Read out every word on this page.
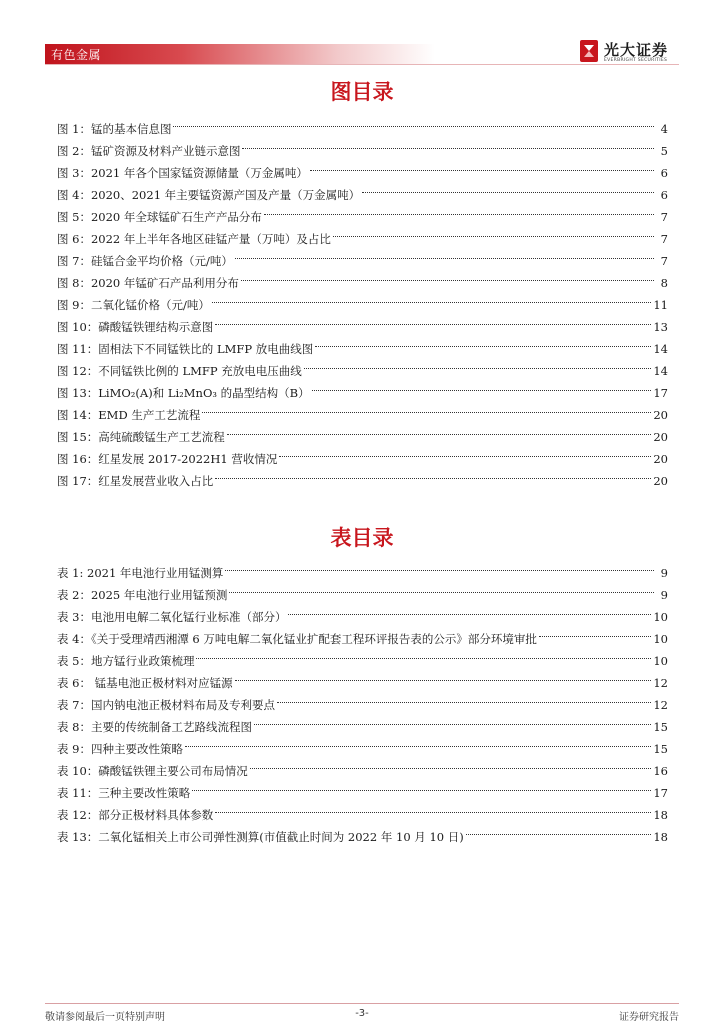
有色金属	光大证券
EVERBRIGHT SECURITIES
图目录
图 1：锰的基本信息图	4
图 2：锰矿资源及材料产业链示意图	5
图 3：2021 年各个国家锰资源储量（万金属吨）	6
图 4：2020、2021 年主要锰资源产国及产量（万金属吨）	6
图 5：2020 年全球锰矿石生产产品分布	7
图 6：2022 年上半年各地区硅锰产量（万吨）及占比	7
图 7：硅锰合金平均价格（元/吨）	7
图 8：2020 年锰矿石产品利用分布	8
图 9：二氧化锰价格（元/吨）	11
图 10：磷酸锰铁锂结构示意图	13
图 11：固相法下不同锰铁比的 LMFP 放电曲线图	14
图 12：不同锰铁比例的 LMFP 充放电电压曲线	14
图 13：LiMO₂(A)和 Li₂MnO₃ 的晶型结构（B）	17
图 14：EMD 生产工艺流程	20
图 15：高纯硫酸锰生产工艺流程	20
图 16：红星发展 2017-2022H1 营收情况	20
图 17：红星发展营业收入占比	20
表目录
表 1: 2021 年电池行业用锰测算	9
表 2：2025 年电池行业用锰预测	9
表 3：电池用电解二氧化锰行业标准（部分）	10
表 4：《关于受理靖西湘潭 6 万吨电解二氧化锰业扩配套工程环评报告表的公示》部分环境审批	10
表 5：地方锰行业政策梳理	10
表 6： 锰基电池正极材料对应锰源	12
表 7：国内钠电池正极材料布局及专利要点	12
表 8：主要的传统制备工艺路线流程图	15
表 9：四种主要改性策略	15
表 10：磷酸锰铁锂主要公司布局情况	16
表 11：三种主要改性策略	17
表 12：部分正极材料具体参数	18
表 13：二氧化锰相关上市公司弹性测算(市值截止时间为 2022 年 10 月 10 日)	18
敬请参阅最后一页特别声明	-3-	证券研究报告
